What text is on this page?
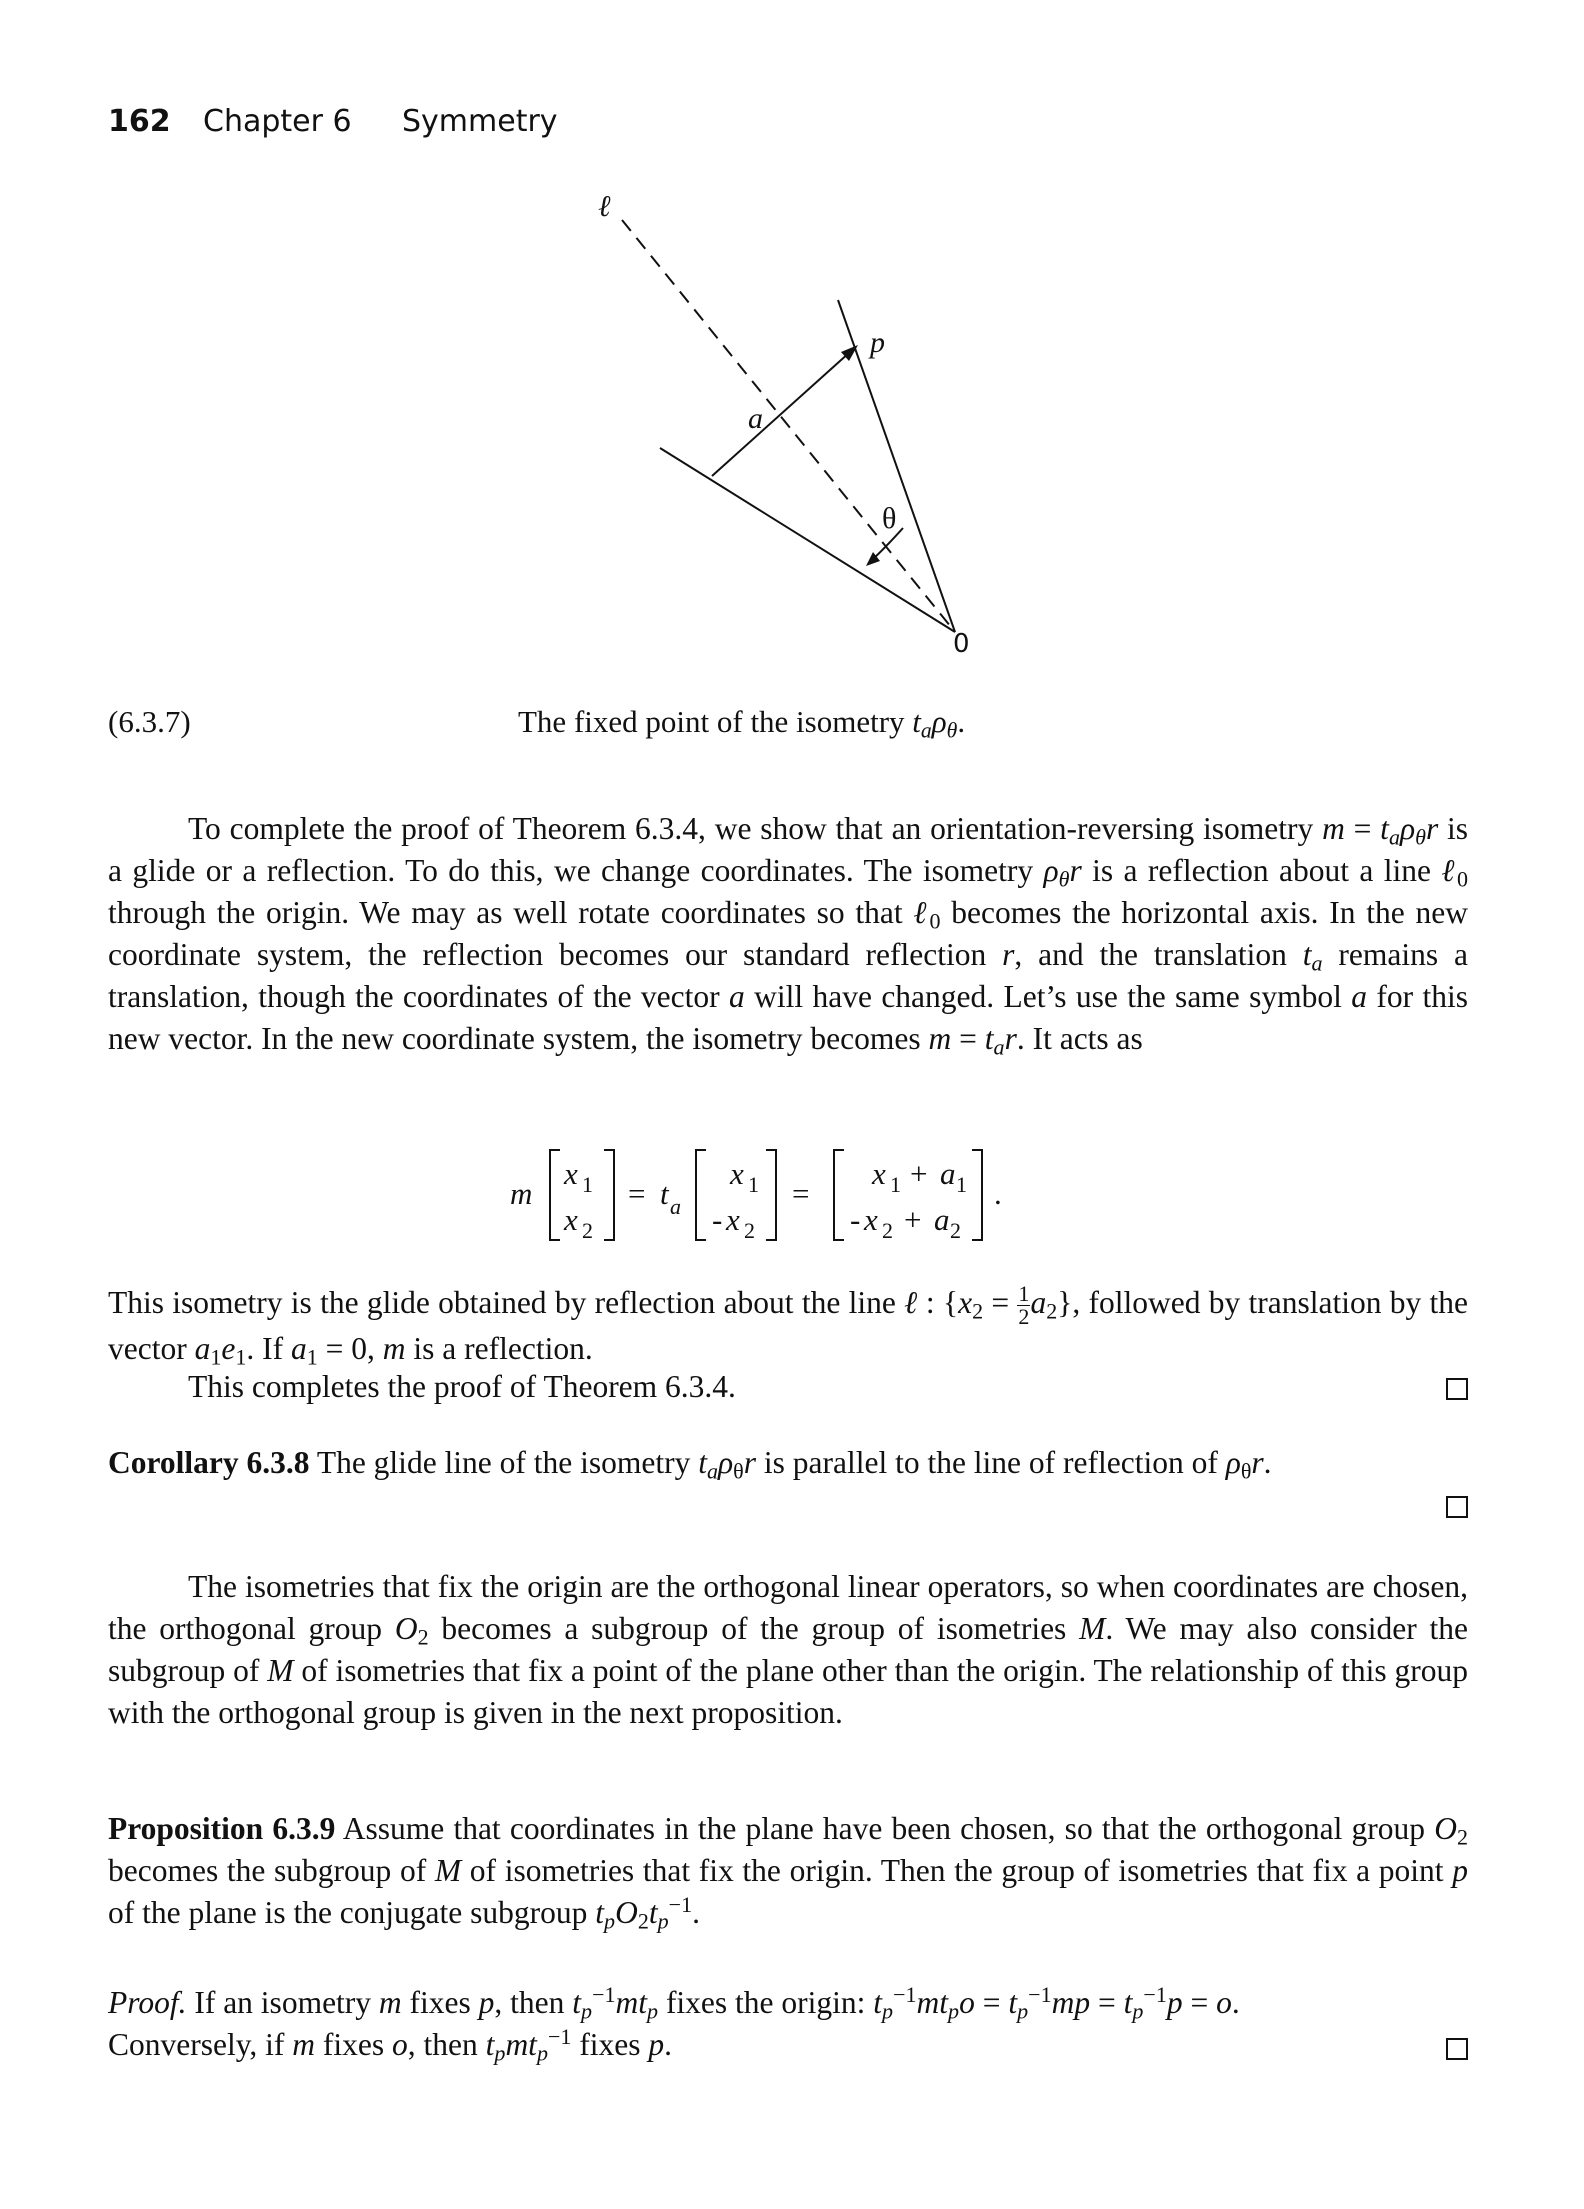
162 Chapter 6 Symmetry
ℓ
p
a
θ
0
(6.3.7)	The fixed point of the isometry $t_a\rho_\theta$.
To complete the proof of Theorem 6.3.4, we show that an orientation-reversing isometry $m = t_a\rho_\theta r$ is a glide or a reflection. To do this, we change coordinates. The isometry $\rho_\theta r$ is a reflection about a line ℓ$_0$ through the origin. We may as well rotate coordinates so that ℓ$_0$ becomes the horizontal axis. In the new coordinate system, the reflection becomes our standard reflection r, and the translation $t_a$ remains a translation, though the coordinates of the vector a will have changed. Let’s use the same symbol a for this new vector. In the new coordinate system, the isometry becomes $m = t_ar$. It acts as
m
x 1
x 2
= t a
x 1
- x 2
=
x 1 + a 1
- x 2 + a 2
.
This isometry is the glide obtained by reflection about the line ℓ : $\{x_2 = \frac{1}{2} a_2\}$, followed by translation by the vector $a_1e_1$. If $a_1 = 0$, m is a reflection.
This completes the proof of Theorem 6.3.4.
Corollary 6.3.8 The glide line of the isometry $t_a\rho_\theta r$ is parallel to the line of reflection of $\rho_\theta r$.
The isometries that fix the origin are the orthogonal linear operators, so when coordinates are chosen, the orthogonal group $O_2$ becomes a subgroup of the group of isometries M. We may also consider the subgroup of M of isometries that fix a point of the plane other than the origin. The relationship of this group with the orthogonal group is given in the next proposition.
Proposition 6.3.9 Assume that coordinates in the plane have been chosen, so that the orthogonal group $O_2$ becomes the subgroup of M of isometries that fix the origin. Then the group of isometries that fix a point p of the plane is the conjugate subgroup $t_pO_2t_p^{-1}$.
Proof. If an isometry m fixes p, then $t_p^{-1}mt_p$ fixes the origin: $t_p^{-1}mt_po = t_p^{-1}mp = t_p^{-1}p = o$.
Conversely, if m fixes o, then $t_pmt_p^{-1}$ fixes p.
